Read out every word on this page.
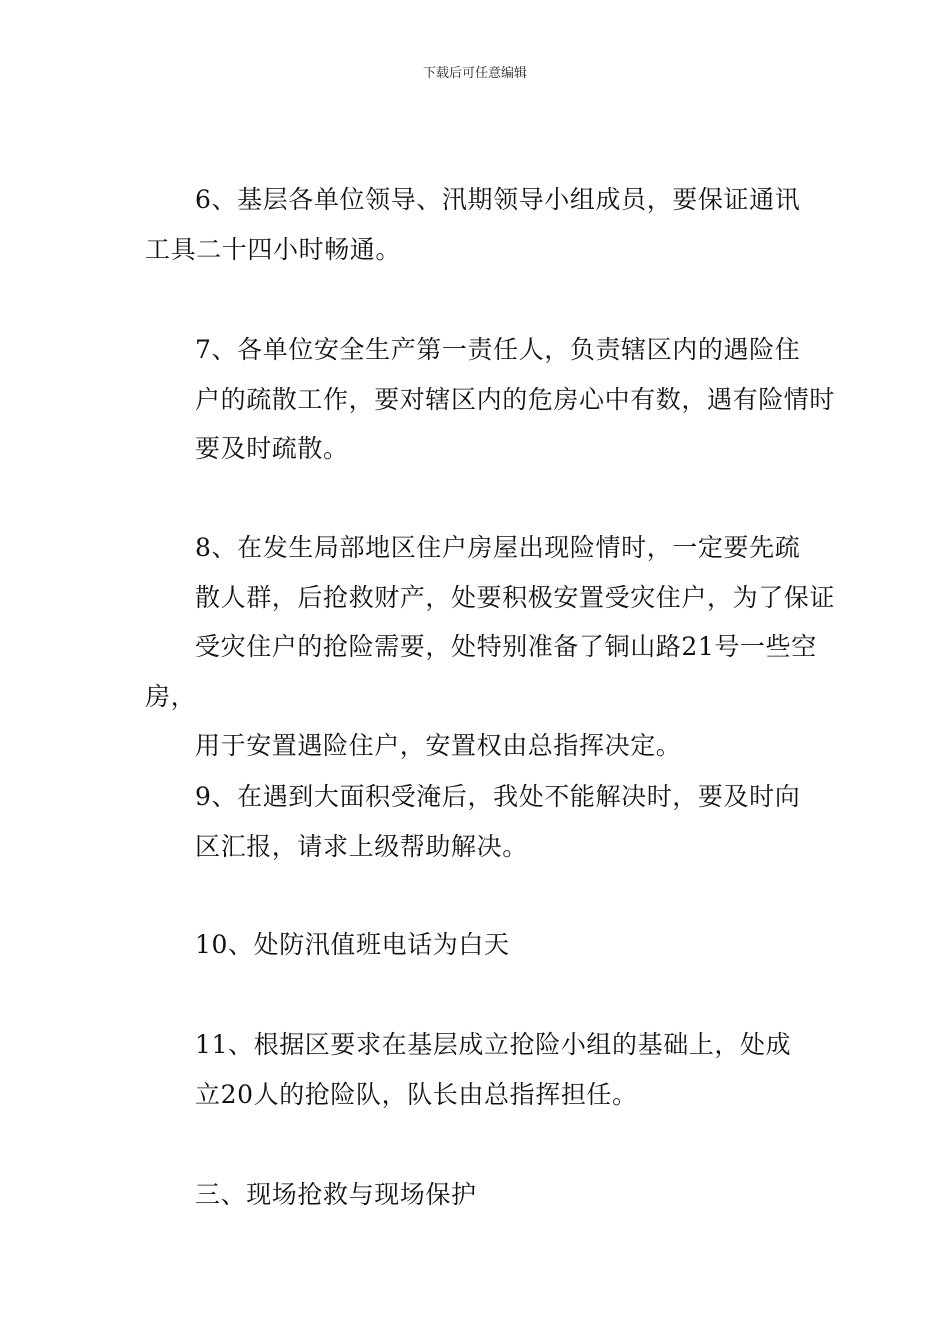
下载后可任意编辑

6、基层各单位领导、汛期领导小组成员，要保证通讯
工具二十四小时畅通。

7、各单位安全生产第一责任人，负责辖区内的遇险住
户的疏散工作，要对辖区内的危房心中有数，遇有险情时
要及时疏散。

8、在发生局部地区住户房屋出现险情时，一定要先疏
散人群，后抢救财产，处要积极安置受灾住户，为了保证
受灾住户的抢险需要，处特别准备了铜山路21号一些空房，
用于安置遇险住户，安置权由总指挥决定。

9、在遇到大面积受淹后，我处不能解决时，要及时向
区汇报，请求上级帮助解决。

10、处防汛值班电话为白天

11、根据区要求在基层成立抢险小组的基础上，处成
立20人的抢险队，队长由总指挥担任。

三、现场抢救与现场保护
